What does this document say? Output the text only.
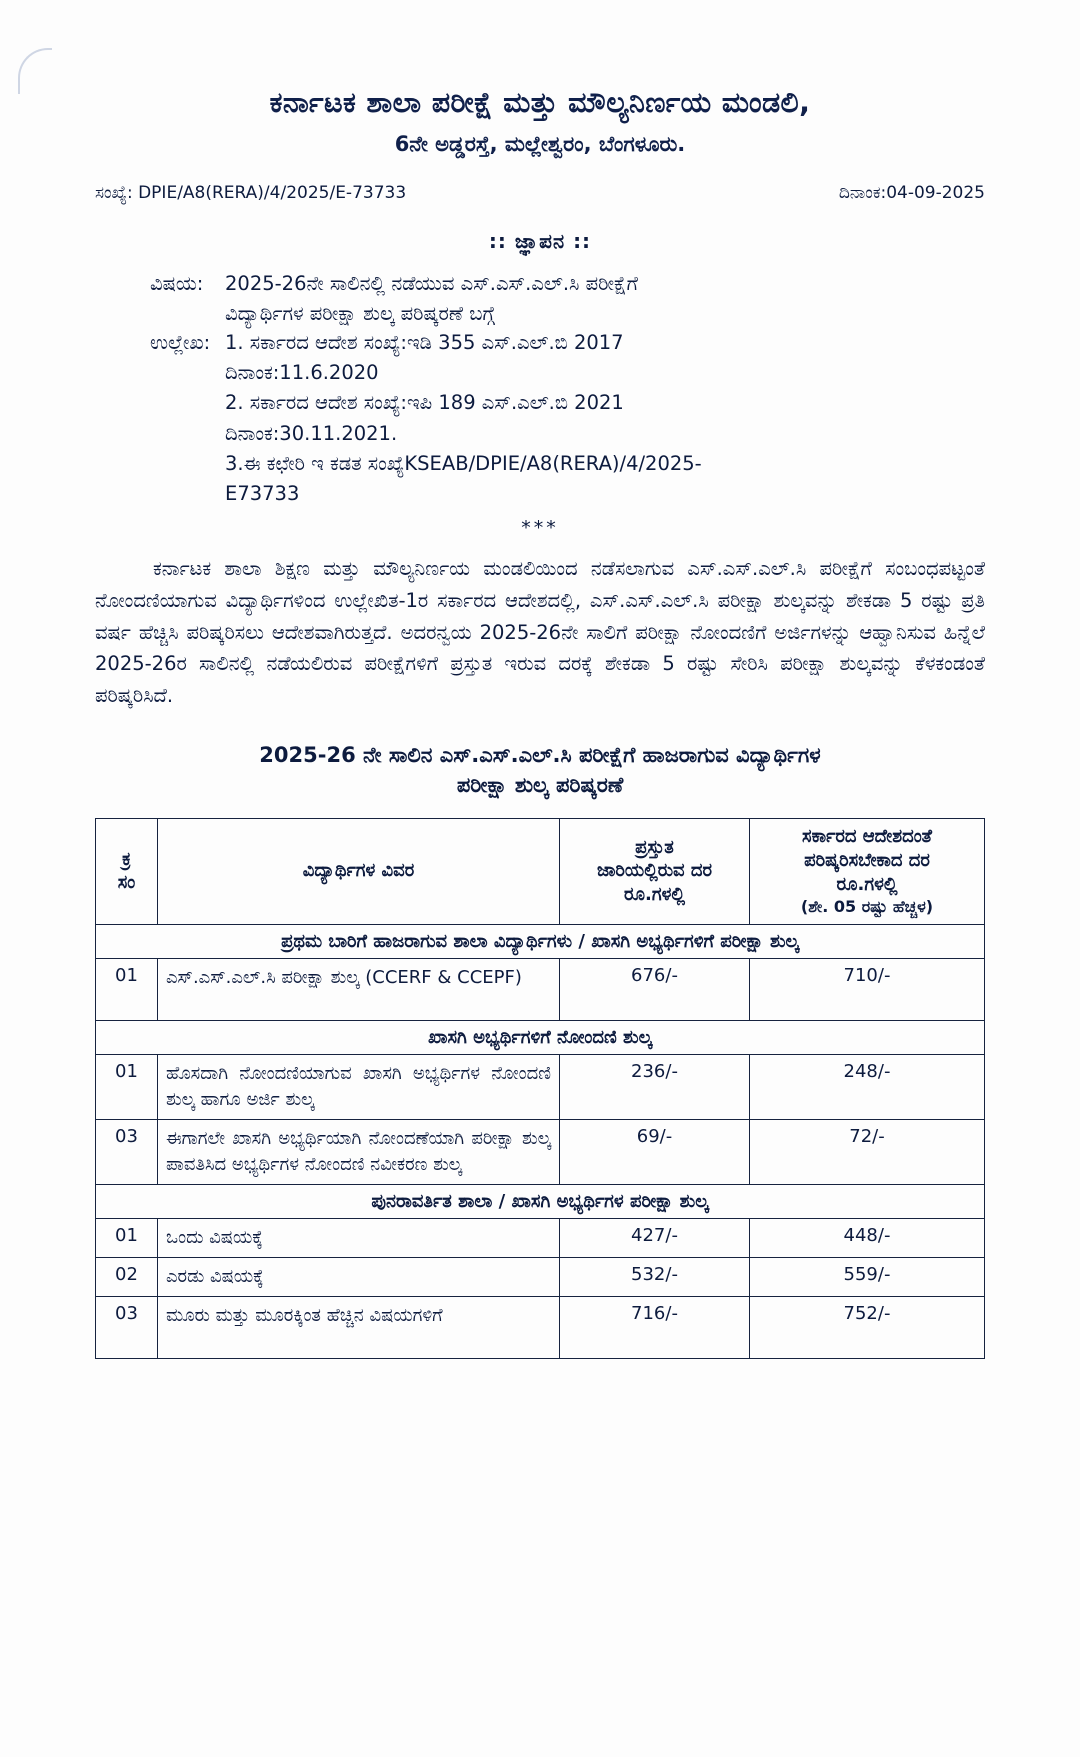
ಕರ್ನಾಟಕ ಶಾಲಾ ಪರೀಕ್ಷೆ ಮತ್ತು ಮೌಲ್ಯನಿರ್ಣಯ ಮಂಡಲಿ,
6ನೇ ಅಡ್ಡರಸ್ತೆ, ಮಲ್ಲೇಶ್ವರಂ, ಬೆಂಗಳೂರು.
ಸಂಖ್ಯೆ: DPIE/A8(RERA)/4/2025/E-73733	ದಿನಾಂಕ:04-09-2025
:: ಜ್ಞಾಪನ ::
ವಿಷಯ:	2025-26ನೇ ಸಾಲಿನಲ್ಲಿ ನಡೆಯುವ ಎಸ್.ಎಸ್.ಎಲ್.ಸಿ ಪರೀಕ್ಷೆಗೆ

ವಿದ್ಯಾರ್ಥಿಗಳ ಪರೀಕ್ಷಾ ಶುಲ್ಕ ಪರಿಷ್ಕರಣೆ ಬಗ್ಗೆ

ಉಲ್ಲೇಖ: 1. ಸರ್ಕಾರದ ಆದೇಶ ಸಂಖ್ಯೆ:ಇಡಿ 355 ಎಸ್.ಎಲ್.ಬಿ 2017

ದಿನಾಂಕ:11.6.2020

2. ಸರ್ಕಾರದ ಆದೇಶ ಸಂಖ್ಯೆ:ಇಪಿ 189 ಎಸ್.ಎಲ್.ಬಿ 2021

ದಿನಾಂಕ:30.11.2021.

3.ಈ ಕಛೇರಿ ಇ ಕಡತ ಸಂಖ್ಯೆKSEAB/DPIE/A8(RERA)/4/2025-

E73733

***
ಕರ್ನಾಟಕ ಶಾಲಾ ಶಿಕ್ಷಣ ಮತ್ತು ಮೌಲ್ಯನಿರ್ಣಯ ಮಂಡಲಿಯಿಂದ ನಡೆಸಲಾಗುವ ಎಸ್.ಎಸ್.ಎಲ್.ಸಿ ಪರೀಕ್ಷೆಗೆ ಸಂಬಂಧಪಟ್ಟಂತೆ ನೋಂದಣಿಯಾಗುವ ವಿದ್ಯಾರ್ಥಿಗಳಿಂದ ಉಲ್ಲೇಖಿತ-1ರ ಸರ್ಕಾರದ ಆದೇಶದಲ್ಲಿ, ಎಸ್.ಎಸ್.ಎಲ್.ಸಿ ಪರೀಕ್ಷಾ ಶುಲ್ಕವನ್ನು ಶೇಕಡಾ 5 ರಷ್ಟು ಪ್ರತಿ ವರ್ಷ ಹೆಚ್ಚಿಸಿ ಪರಿಷ್ಕರಿಸಲು ಆದೇಶವಾಗಿರುತ್ತದೆ. ಅದರನ್ವಯ 2025-26ನೇ ಸಾಲಿಗೆ ಪರೀಕ್ಷಾ ನೋಂದಣಿಗೆ ಅರ್ಜಿಗಳನ್ನು ಆಹ್ವಾನಿಸುವ ಹಿನ್ನೆಲೆ 2025-26ರ ಸಾಲಿನಲ್ಲಿ ನಡೆಯಲಿರುವ ಪರೀಕ್ಷೆಗಳಿಗೆ ಪ್ರಸ್ತುತ ಇರುವ ದರಕ್ಕೆ ಶೇಕಡಾ 5 ರಷ್ಟು ಸೇರಿಸಿ ಪರೀಕ್ಷಾ ಶುಲ್ಕವನ್ನು ಕೆಳಕಂಡಂತೆ ಪರಿಷ್ಕರಿಸಿದೆ.
2025-26 ನೇ ಸಾಲಿನ ಎಸ್.ಎಸ್.ಎಲ್.ಸಿ ಪರೀಕ್ಷೆಗೆ ಹಾಜರಾಗುವ ವಿದ್ಯಾರ್ಥಿಗಳ
ಪರೀಕ್ಷಾ ಶುಲ್ಕ ಪರಿಷ್ಕರಣೆ
ಕ್ರ
ಸಂ	ವಿದ್ಯಾರ್ಥಿಗಳ ವಿವರ	ಪ್ರಸ್ತುತ
ಜಾರಿಯಲ್ಲಿರುವ ದರ
ರೂ.ಗಳಲ್ಲಿ	ಸರ್ಕಾರದ ಆದೇಶದಂತೆ
ಪರಿಷ್ಕರಿಸಬೇಕಾದ ದರ
ರೂ.ಗಳಲ್ಲಿ

(ಶೇ. 05 ರಷ್ಟು ಹೆಚ್ಚಳ)

ಪ್ರಥಮ ಬಾರಿಗೆ ಹಾಜರಾಗುವ ಶಾಲಾ ವಿದ್ಯಾರ್ಥಿಗಳು / ಖಾಸಗಿ ಅಭ್ಯರ್ಥಿಗಳಿಗೆ ಪರೀಕ್ಷಾ ಶುಲ್ಕ			
01	ಎಸ್.ಎಸ್.ಎಲ್.ಸಿ ಪರೀಕ್ಷಾ ಶುಲ್ಕ (CCERF & CCEPF)	676/-	710/-
ಖಾಸಗಿ ಅಭ್ಯರ್ಥಿಗಳಿಗೆ ನೋಂದಣಿ ಶುಲ್ಕ			
01	ಹೊಸದಾಗಿ ನೋಂದಣಿಯಾಗುವ ಖಾಸಗಿ ಅಭ್ಯರ್ಥಿಗಳ ನೋಂದಣಿ ಶುಲ್ಕ ಹಾಗೂ ಅರ್ಜಿ ಶುಲ್ಕ	236/-	248/-
03	ಈಗಾಗಲೇ ಖಾಸಗಿ ಅಭ್ಯರ್ಥಿಯಾಗಿ ನೋಂದಣೆಯಾಗಿ ಪರೀಕ್ಷಾ ಶುಲ್ಕ ಪಾವತಿಸಿದ ಅಭ್ಯರ್ಥಿಗಳ ನೋಂದಣಿ ನವೀಕರಣ ಶುಲ್ಕ	69/-	72/-
ಪುನರಾವರ್ತಿತ ಶಾಲಾ / ಖಾಸಗಿ ಅಭ್ಯರ್ಥಿಗಳ ಪರೀಕ್ಷಾ ಶುಲ್ಕ			
01	ಒಂದು ವಿಷಯಕ್ಕೆ	427/-	448/-
02	ಎರಡು ವಿಷಯಕ್ಕೆ	532/-	559/-
03	ಮೂರು ಮತ್ತು ಮೂರಕ್ಕಿಂತ ಹೆಚ್ಚಿನ ವಿಷಯಗಳಿಗೆ	716/-	752/-
